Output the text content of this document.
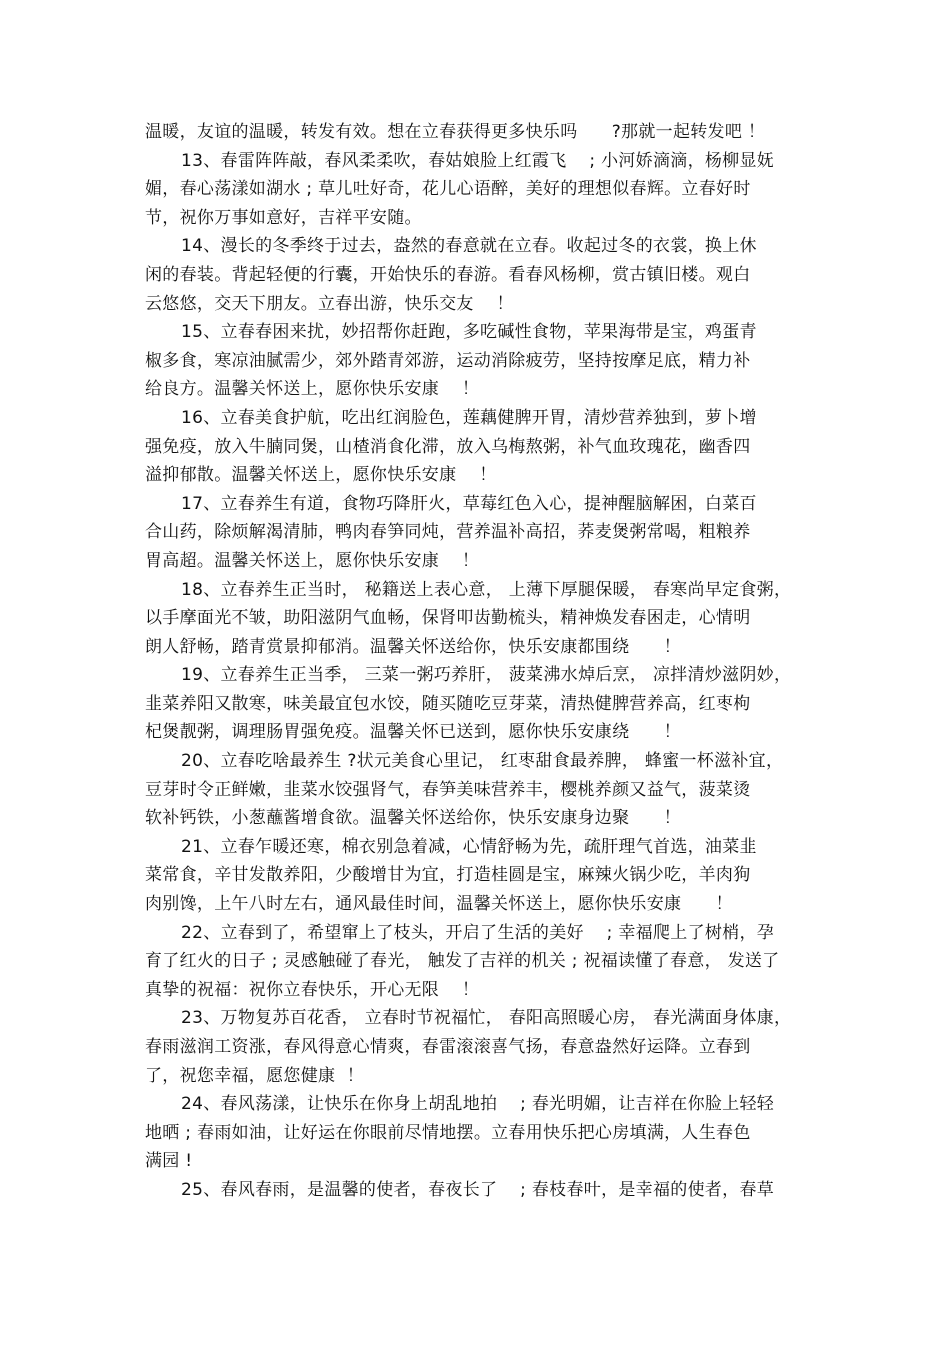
温暖，友谊的温暖，转发有效。想在立春获得更多快乐吗      ?那就一起转发吧 ！
13、春雷阵阵敲，春风柔柔吹，春姑娘脸上红霞飞    ; 小河娇滴滴，杨柳显妩
媚，春心荡漾如湖水 ; 草儿吐好奇，花儿心语醉，美好的理想似春辉。立春好时
节，祝你万事如意好，吉祥平安随。
14、漫长的冬季终于过去，盎然的春意就在立春。收起过冬的衣裳，换上休
闲的春装。背起轻便的行囊，开始快乐的春游。看春风杨柳，赏古镇旧楼。观白
云悠悠，交天下朋友。立春出游，快乐交友    ！
15、立春春困来扰，妙招帮你赶跑，多吃碱性食物，苹果海带是宝，鸡蛋青
椒多食，寒凉油腻需少，郊外踏青郊游，运动消除疲劳，坚持按摩足底，精力补
给良方。温馨关怀送上，愿你快乐安康    ！
16、立春美食护航，吃出红润脸色，莲藕健脾开胃，清炒营养独到，萝卜增
强免疫，放入牛腩同煲，山楂消食化滞，放入乌梅熬粥，补气血玫瑰花，幽香四
溢抑郁散。温馨关怀送上，愿你快乐安康    ！
17、立春养生有道，食物巧降肝火，草莓红色入心，提神醒脑解困，白菜百
合山药，除烦解渴清肺，鸭肉春笋同炖，营养温补高招，荞麦煲粥常喝，粗粮养
胃高超。温馨关怀送上，愿你快乐安康    ！
18、立春养生正当时， 秘籍送上表心意， 上薄下厚腿保暖， 春寒尚早定食粥，
以手摩面光不皱，助阳滋阴气血畅，保肾叩齿勤梳头，精神焕发春困走，心情明
朗人舒畅，踏青赏景抑郁消。温馨关怀送给你，快乐安康都围绕      ！
19、立春养生正当季， 三菜一粥巧养肝， 菠菜沸水焯后烹， 凉拌清炒滋阴妙，
韭菜养阳又散寒，味美最宜包水饺，随买随吃豆芽菜，清热健脾营养高，红枣枸
杞煲靓粥，调理肠胃强免疫。温馨关怀已送到，愿你快乐安康绕      ！
20、立春吃啥最养生 ?状元美食心里记， 红枣甜食最养脾， 蜂蜜一杯滋补宜，
豆芽时令正鲜嫩，韭菜水饺强肾气，春笋美味营养丰，樱桃养颜又益气，菠菜烫
软补钙铁，小葱蘸酱增食欲。温馨关怀送给你，快乐安康身边聚      ！
21、立春乍暖还寒，棉衣别急着减，心情舒畅为先，疏肝理气首选，油菜韭
菜常食，辛甘发散养阳，少酸增甘为宜，打造桂圆是宝，麻辣火锅少吃，羊肉狗
肉别馋，上午八时左右，通风最佳时间，温馨关怀送上，愿你快乐安康      ！
22、立春到了，希望窜上了枝头，开启了生活的美好    ; 幸福爬上了树梢，孕
育了红火的日子 ; 灵感触碰了春光， 触发了吉祥的机关 ; 祝福读懂了春意， 发送了
真挚的祝福：祝你立春快乐，开心无限    ！
23、万物复苏百花香， 立春时节祝福忙， 春阳高照暖心房， 春光满面身体康，
春雨滋润工资涨，春风得意心情爽，春雷滚滚喜气扬，春意盎然好运降。立春到
了，祝您幸福，愿您健康  ！
24、春风荡漾，让快乐在你身上胡乱地拍    ; 春光明媚，让吉祥在你脸上轻轻
地晒 ; 春雨如油，让好运在你眼前尽情地摆。立春用快乐把心房填满，人生春色
满园 !
25、春风春雨，是温馨的使者，春夜长了    ; 春枝春叶，是幸福的使者，春草
